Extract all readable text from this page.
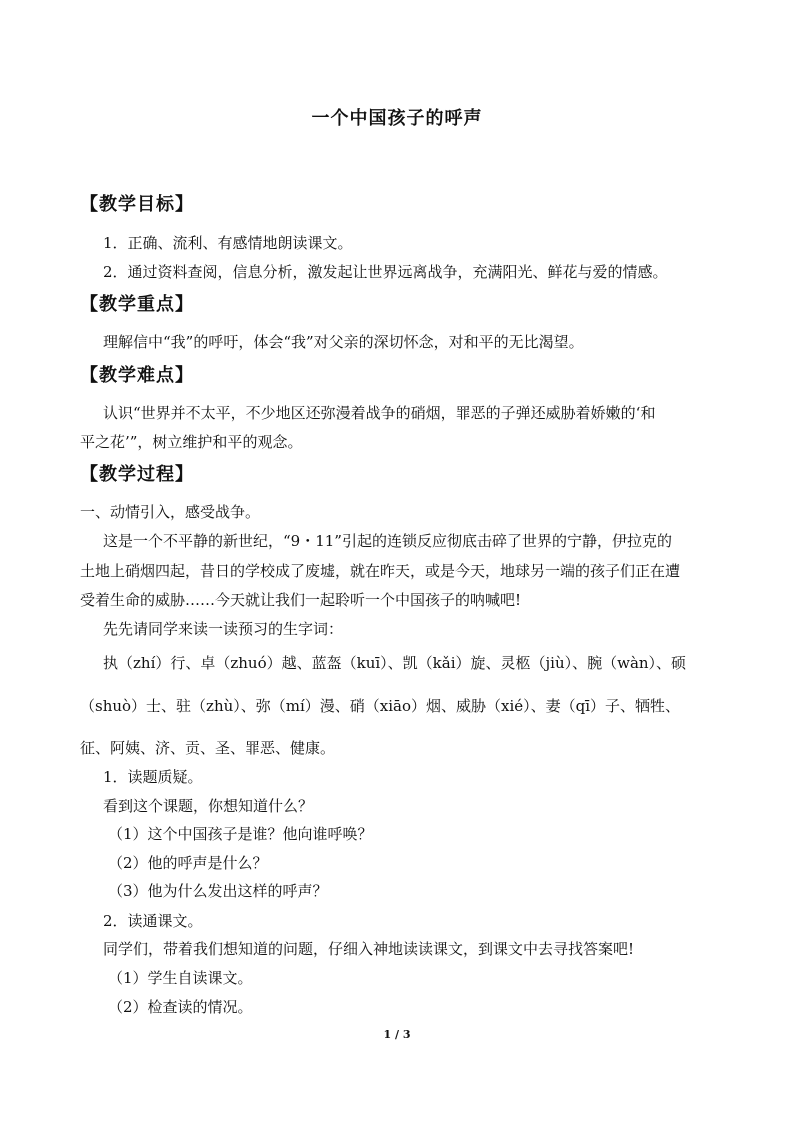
一个中国孩子的呼声
【教学目标】
1．正确、流利、有感情地朗读课文。
2．通过资料查阅，信息分析，激发起让世界远离战争，充满阳光、鲜花与爱的情感。
【教学重点】
理解信中“我”的呼吁，体会“我”对父亲的深切怀念，对和平的无比渴望。
【教学难点】
认识“世界并不太平，不少地区还弥漫着战争的硝烟，罪恶的子弹还威胁着娇嫩的‘和
平之花’”，树立维护和平的观念。
【教学过程】
一、动情引入，感受战争。
这是一个不平静的新世纪，“9・11”引起的连锁反应彻底击碎了世界的宁静，伊拉克的
土地上硝烟四起，昔日的学校成了废墟，就在昨天，或是今天，地球另一端的孩子们正在遭
受着生命的威胁……今天就让我们一起聆听一个中国孩子的呐喊吧!
先先请同学来读一读预习的生字词：
执（zhí）行、卓（zhuó）越、蓝盔（kuī）、凯（kǎi）旋、灵柩（jiù）、腕（wàn）、硕
（shuò）士、驻（zhù）、弥（mí）漫、硝（xiāo）烟、威胁（xié）、妻（qī）子、牺牲、
征、阿姨、济、贡、圣、罪恶、健康。
1．读题质疑。
看到这个课题，你想知道什么？
（1）这个中国孩子是谁？他向谁呼唤？
（2）他的呼声是什么？
（3）他为什么发出这样的呼声？
2．读通课文。
同学们，带着我们想知道的问题，仔细入神地读读课文，到课文中去寻找答案吧!
（1）学生自读课文。
（2）检查读的情况。
1 / 3
